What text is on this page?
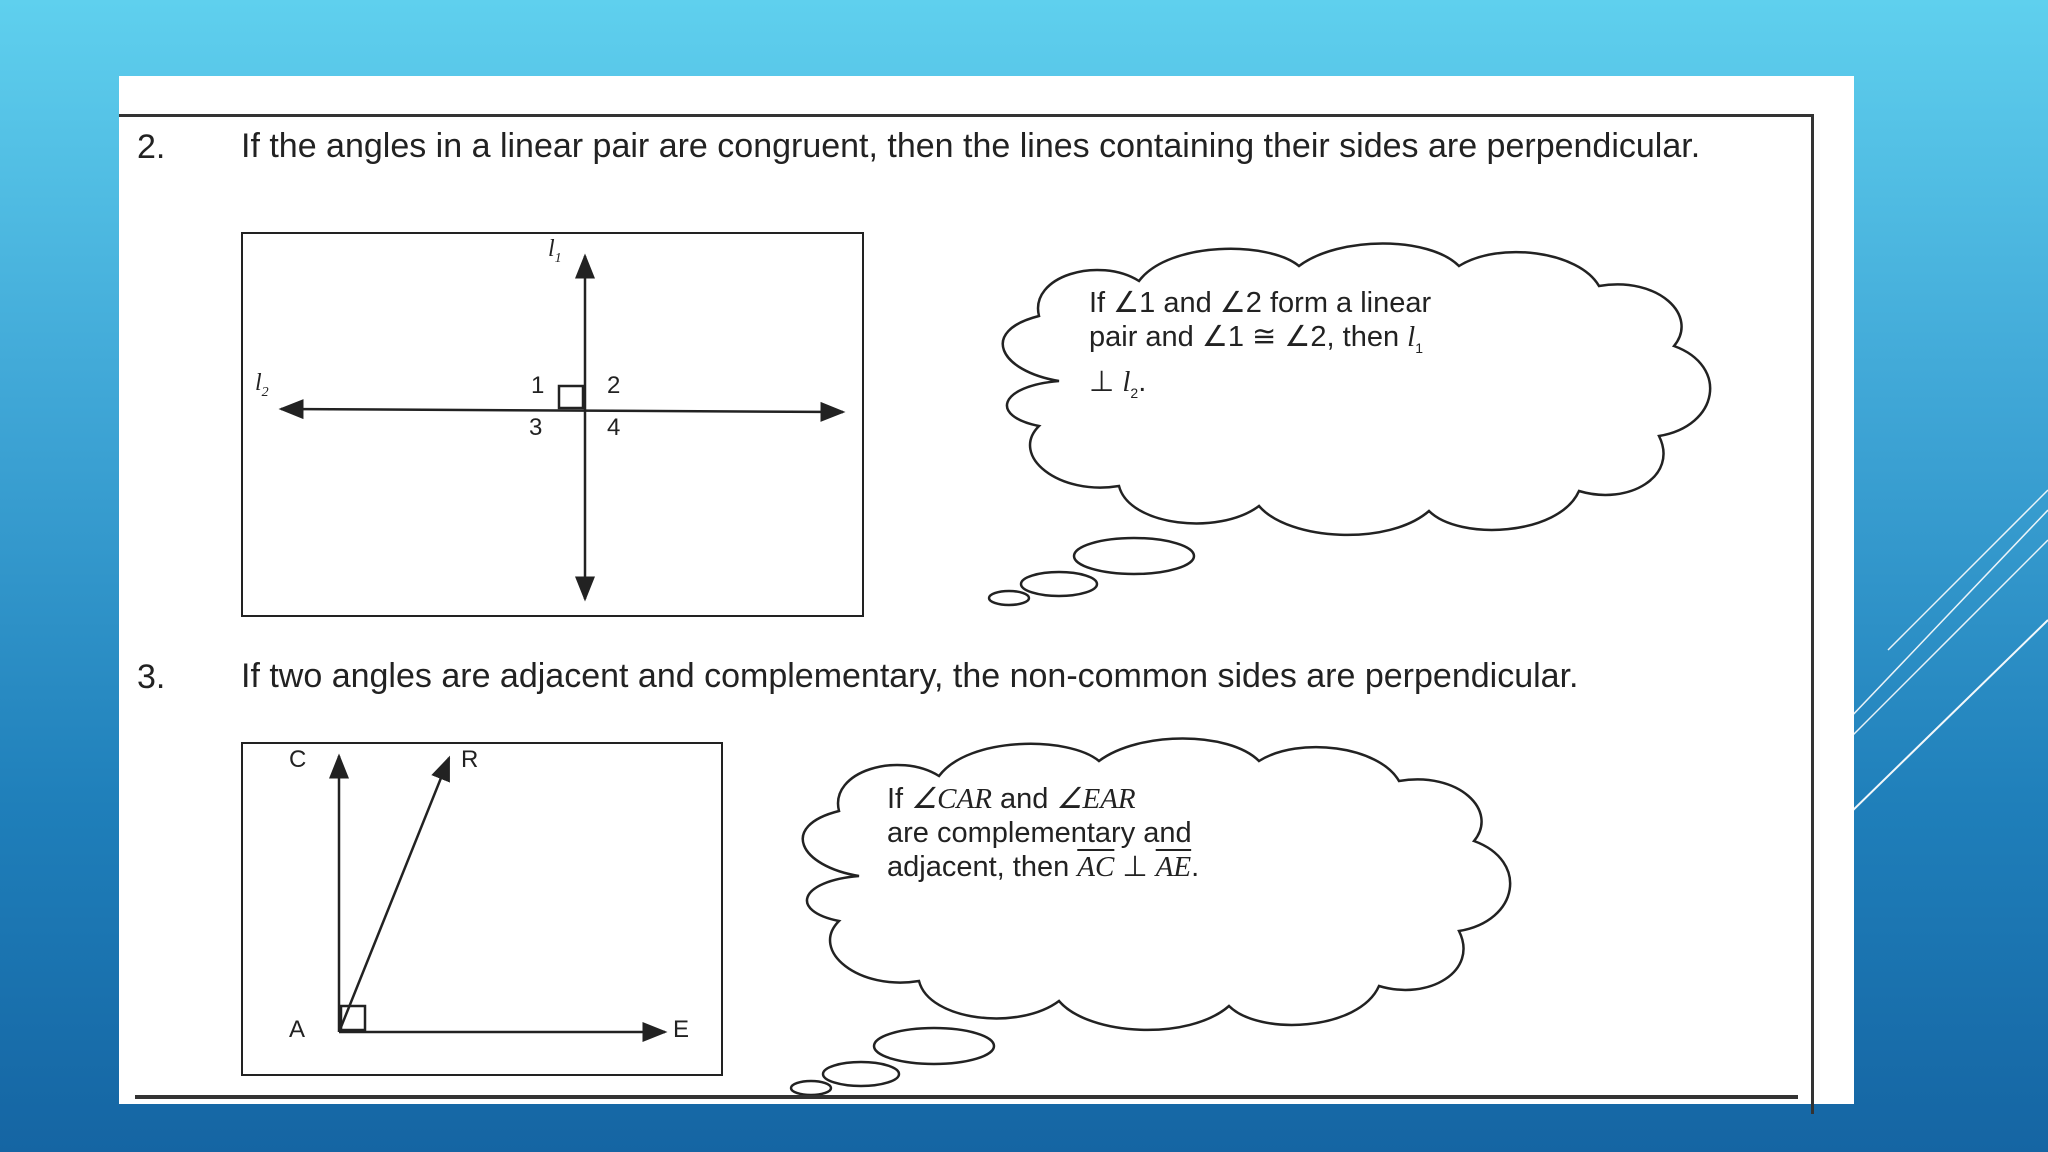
2. If the angles in a linear pair are congruent, then the lines containing their sides are perpendicular.
$l_1$
$l_2$	1	2
3	4
If ∠1 and ∠2 form a linear
pair and ∠1 ≅ ∠2, then $l_1$
⊥ $l_2$.
3. If two angles are adjacent and complementary, the non-common sides are perpendicular.
C	R
A	E
If ∠CAR and ∠EAR
are complementary and
adjacent, then $\overline{AC}$ ⊥ $\overline{AE}$.
